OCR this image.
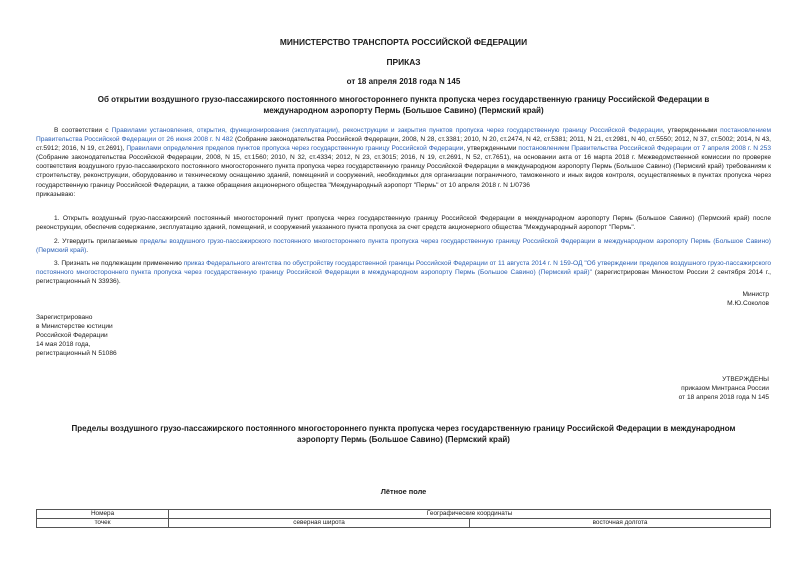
МИНИСТЕРСТВО ТРАНСПОРТА РОССИЙСКОЙ ФЕДЕРАЦИИ
ПРИКАЗ
от 18 апреля 2018 года N 145
Об открытии воздушного грузо-пассажирского постоянного многостороннего пункта пропуска через государственную границу Российской Федерации в международном аэропорту Пермь (Большое Савино) (Пермский край)
В соответствии с Правилами установления, открытия, функционирования (эксплуатации), реконструкции и закрытия пунктов пропуска через государственную границу Российской Федерации, утвержденными постановлением Правительства Российской Федерации от 26 июня 2008 г. N 482 (Собрание законодательства Российской Федерации, 2008, N 28, ст.3381; 2010, N 20, ст.2474, N 42, ст.5381; 2011, N 21, ст.2981, N 40, ст.5550; 2012, N 37, ст.5002; 2014, N 43, ст.5912; 2016, N 19, ст.2691), Правилами определения пределов пунктов пропуска через государственную границу Российской Федерации, утвержденными постановлением Правительства Российской Федерации от 7 апреля 2008 г. N 253 (Собрание законодательства Российской Федерации, 2008, N 15, ст.1560; 2010, N 32, ст.4334; 2012, N 23, ст.3015; 2016, N 19, ст.2691, N 52, ст.7651), на основании акта от 16 марта 2018 г. Межведомственной комиссии по проверке соответствия воздушного грузо-пассажирского постоянного многостороннего пункта пропуска через государственную границу Российской Федерации в международном аэропорту Пермь (Большое Савино) (Пермский край) требованиям к строительству, реконструкции, оборудованию и техническому оснащению зданий, помещений и сооружений, необходимых для организации пограничного, таможенного и иных видов контроля, осуществляемых в пунктах пропуска через государственную границу Российской Федерации, а также обращения акционерного общества "Международный аэропорт "Пермь" от 10 апреля 2018 г. N 1/0736
приказываю:
1. Открыть воздушный грузо-пассажирский постоянный многосторонний пункт пропуска через государственную границу Российской Федерации в международном аэропорту Пермь (Большое Савино) (Пермский край) после реконструкции, обеспечив содержание, эксплуатацию зданий, помещений, и сооружений указанного пункта пропуска за счет средств акционерного общества "Международный аэропорт "Пермь".
2. Утвердить прилагаемые пределы воздушного грузо-пассажирского постоянного многостороннего пункта пропуска через государственную границу Российской Федерации в международном аэропорту Пермь (Большое Савино) (Пермский край).
3. Признать не подлежащим применению приказ Федерального агентства по обустройству государственной границы Российской Федерации от 11 августа 2014 г. N 159-ОД "Об утверждении пределов воздушного грузо-пассажирского постоянного многостороннего пункта пропуска через государственную границу Российской Федерации в международном аэропорту Пермь (Большое Савино) (Пермский край)" (зарегистрирован Минюстом России 2 сентября 2014 г., регистрационный N 33936).
Министр
М.Ю.Соколов
Зарегистрировано
в Министерстве юстиции
Российской Федерации
14 мая 2018 года,
регистрационный N 51086
УТВЕРЖДЕНЫ
приказом Минтранса России
от 18 апреля 2018 года N 145
Пределы воздушного грузо-пассажирского постоянного многостороннего пункта пропуска через государственную границу Российской Федерации в международном аэропорту Пермь (Большое Савино) (Пермский край)
Лётное поле
Номера	Географические координаты	
точек	северная широта	восточная долгота
